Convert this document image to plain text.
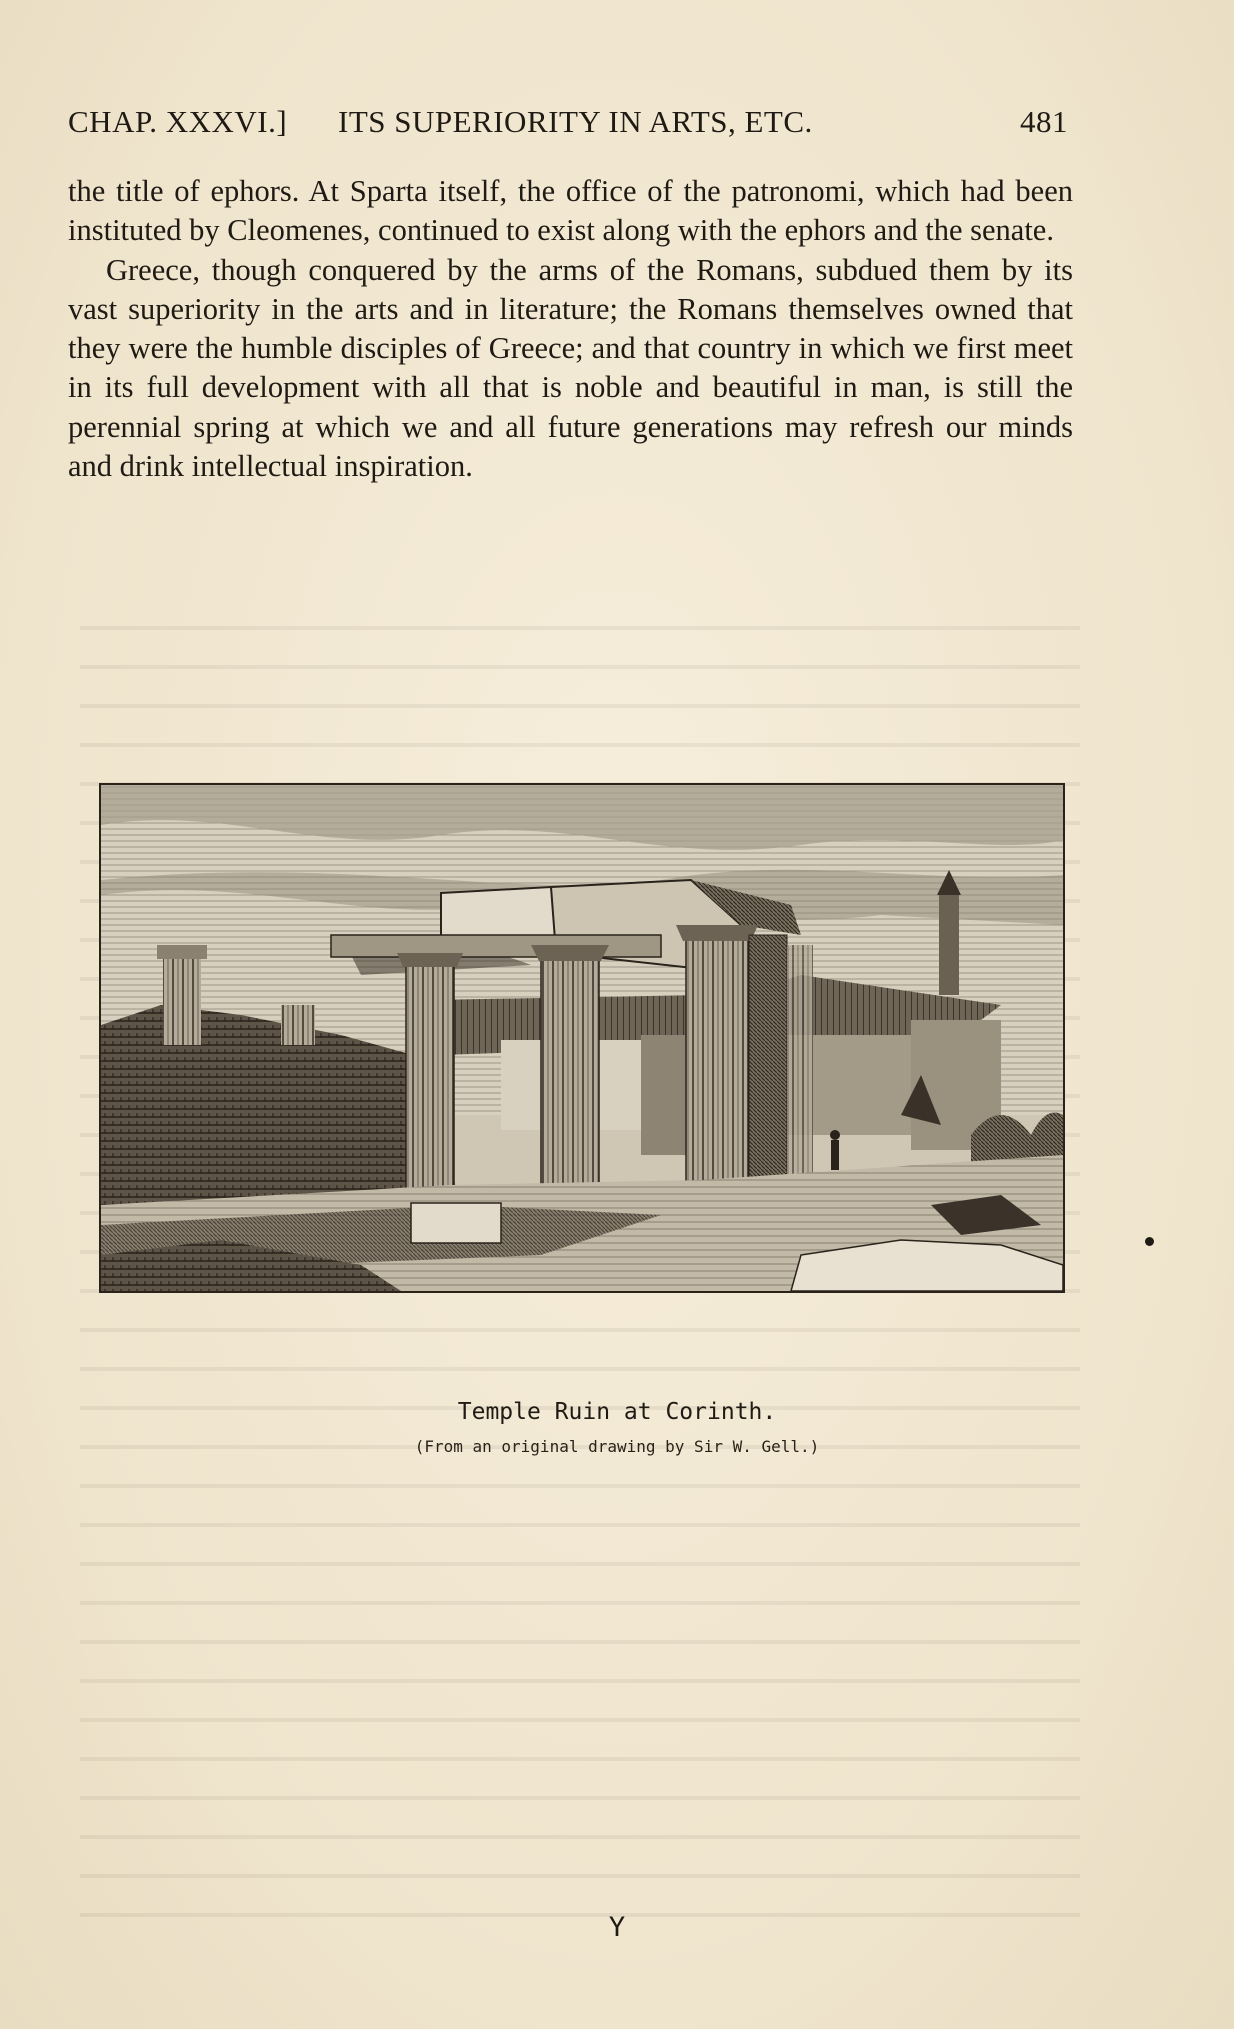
CHAP. XXXVI.] ITS SUPERIORITY IN ARTS, ETC.	481

the title of ephors. At Sparta itself, the office of the patronomi, which had been instituted by Cleomenes, continued to exist along with the ephors and the senate.

Greece, though conquered by the arms of the Romans, subdued them by its vast superiority in the arts and in literature; the Romans themselves owned that they were the humble disciples of Greece; and that country in which we first meet in its full development with all that is noble and beautiful in man, is still the perennial spring at which we and all future generations may refresh our minds and drink intellectual inspiration.

Temple Ruin at Corinth.
(From an original drawing by Sir W. Gell.)
Y
